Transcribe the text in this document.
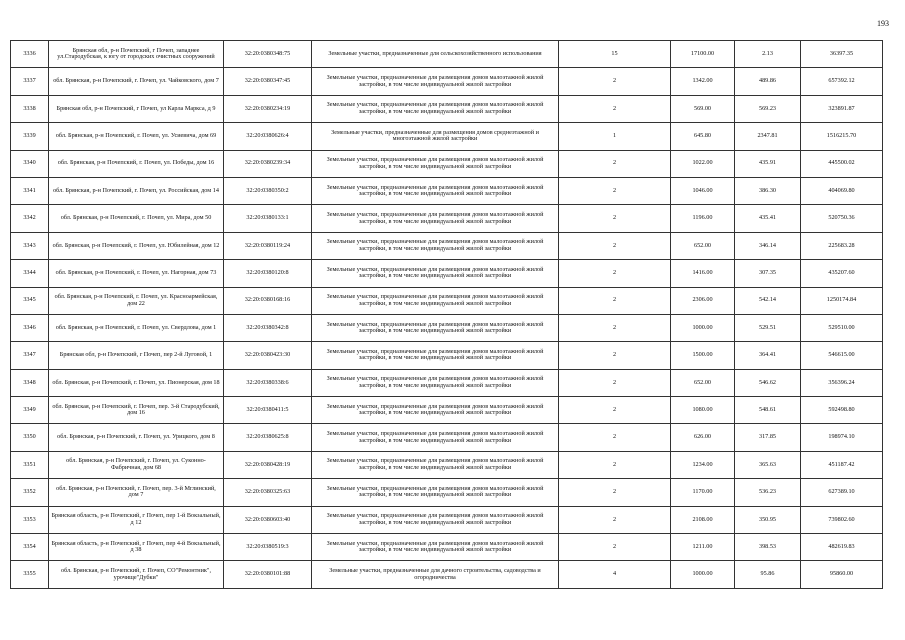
193
3336	Брянская обл, р-н Почепский, г Почеп, западнее ул.Стародубская, к югу от городских очистных сооружений	32:20:0380348:75	Земельные участки, предназначенные для сельскохозяйственного использования	15	17100.00	2.13	36397.35
3337	обл. Брянская, р-н Почепский, г. Почеп, ул. Чайковского, дом 7	32:20:0380347:45	Земельные участки, предназначенные для размещения домов малоэтажной жилой застройки, в том числе индивидуальной жилой застройки	2	1342.00	489.86	657392.12
3338	Брянская обл, р-н Почепский, г Почеп, ул Карла Маркса, д 9	32:20:0380234:19	Земельные участки, предназначенные для размещения домов малоэтажной жилой застройки, в том числе индивидуальной жилой застройки	2	569.00	569.23	323891.87
3339	обл. Брянская, р-н Почепский, г. Почеп, ул. Усиевича, дом 69	32:20:0380626:4	Земельные участки, предназначенные для размещения домов среднеэтажной и многоэтажной жилой застройки	1	645.80	2347.81	1516215.70
3340	обл. Брянская, р-н Почепский, г. Почеп, ул. Победы, дом 16	32:20:0380239:34	Земельные участки, предназначенные для размещения домов малоэтажной жилой застройки, в том числе индивидуальной жилой застройки	2	1022.00	435.91	445500.02
3341	обл. Брянская, р-н Почепский, г. Почеп, ул. Российская, дом 14	32:20:0380350:2	Земельные участки, предназначенные для размещения домов малоэтажной жилой застройки, в том числе индивидуальной жилой застройки	2	1046.00	386.30	404069.80
3342	обл. Брянская, р-н Почепский, г. Почеп, ул. Мира, дом 50	32:20:0380133:1	Земельные участки, предназначенные для размещения домов малоэтажной жилой застройки, в том числе индивидуальной жилой застройки	2	1196.00	435.41	520750.36
3343	обл. Брянская, р-н Почепский, г. Почеп, ул. Юбилейная, дом 12	32:20:0380119:24	Земельные участки, предназначенные для размещения домов малоэтажной жилой застройки, в том числе индивидуальной жилой застройки	2	652.00	346.14	225683.28
3344	обл. Брянская, р-н Почепский, г. Почеп, ул. Нагорная, дом 73	32:20:0380120:8	Земельные участки, предназначенные для размещения домов малоэтажной жилой застройки, в том числе индивидуальной жилой застройки	2	1416.00	307.35	435207.60
3345	обл. Брянская, р-н Почепский, г. Почеп, ул. Красноармейская, дом 22	32:20:0380168:16	Земельные участки, предназначенные для размещения домов малоэтажной жилой застройки, в том числе индивидуальной жилой застройки	2	2306.00	542.14	1250174.84
3346	обл. Брянская, р-н Почепский, г. Почеп, ул. Свердлова, дом 1	32:20:0380342:8	Земельные участки, предназначенные для размещения домов малоэтажной жилой застройки, в том числе индивидуальной жилой застройки	2	1000.00	529.51	529510.00
3347	Брянская обл, р-н Почепский, г Почеп, пер 2-й Луговой, 1	32:20:0380423:30	Земельные участки, предназначенные для размещения домов малоэтажной жилой застройки, в том числе индивидуальной жилой застройки	2	1500.00	364.41	546615.00
3348	обл. Брянская, р-н Почепский, г. Почеп, ул. Пионерская, дом 18	32:20:0380338:6	Земельные участки, предназначенные для размещения домов малоэтажной жилой застройки, в том числе индивидуальной жилой застройки	2	652.00	546.62	356396.24
3349	обл. Брянская, р-н Почепский, г. Почеп, пер. 3-й Стародубский, дом 16	32:20:0380411:5	Земельные участки, предназначенные для размещения домов малоэтажной жилой застройки, в том числе индивидуальной жилой застройки	2	1080.00	548.61	592498.80
3350	обл. Брянская, р-н Почепский, г. Почеп, ул. Урицкого, дом 8	32:20:0380625:8	Земельные участки, предназначенные для размещения домов малоэтажной жилой застройки, в том числе индивидуальной жилой застройки	2	626.00	317.85	198974.10
3351	обл. Брянская, р-н Почепский, г. Почеп, ул. Суконно-Фабричная, дом 68	32:20:0380428:19	Земельные участки, предназначенные для размещения домов малоэтажной жилой застройки, в том числе индивидуальной жилой застройки	2	1234.00	365.63	451187.42
3352	обл. Брянская, р-н Почепский, г. Почеп, пер. 3-й Мглинский, дом 7	32:20:0380325:63	Земельные участки, предназначенные для размещения домов малоэтажной жилой застройки, в том числе индивидуальной жилой застройки	2	1170.00	536.23	627389.10
3353	Брянская область, р-н Почепский, г Почеп, пер 1-й Вокзальный, д 12	32:20:0380603:40	Земельные участки, предназначенные для размещения домов малоэтажной жилой застройки, в том числе индивидуальной жилой застройки	2	2108.00	350.95	739802.60
3354	Брянская область, р-н Почепский, г Почеп, пер 4-й Вокзальный, д 38	32:20:0380519:3	Земельные участки, предназначенные для размещения домов малоэтажной жилой застройки, в том числе индивидуальной жилой застройки	2	1211.00	398.53	482619.83
3355	обл. Брянская, р-н Почепский, г. Почеп, СО"Ремонтник", урочище"Дубки"	32:20:0380101:88	Земельные участки, предназначенные для дачного строительства, садоводства и огородничества	4	1000.00	95.86	95860.00
